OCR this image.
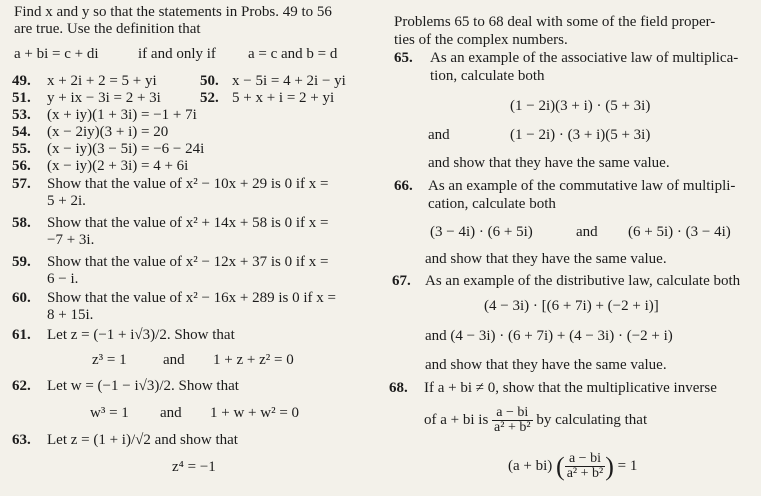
Find x and y so that the statements in Probs. 49 to 56
are true. Use the definition that
a + bi = c + di	if and only if a = c and b = d
49. x + 2i + 2 = 5 + yi	50. x − 5i = 4 + 2i − yi
51. y + ix − 3i = 2 + 3i	52. 5 + x + i = 2 + yi
53. (x + iy)(1 + 3i) = −1 + 7i
54. (x − 2iy)(3 + i) = 20
55. (x − iy)(3 − 5i) = −6 − 24i
56. (x − iy)(2 + 3i) = 4 + 6i
57. Show that the value of x² − 10x + 29 is 0 if x =
5 + 2i.
58. Show that the value of x² + 14x + 58 is 0 if x =
−7 + 3i.
59. Show that the value of x² − 12x + 37 is 0 if x =
6 − i.
60. Show that the value of x² − 16x + 289 is 0 if x =
8 + 15i.
61. Let z = (−1 + i√3)/2. Show that
z³ = 1 and 1 + z + z² = 0
62. Let w = (−1 − i√3)/2. Show that
w³ = 1 and 1 + w + w² = 0
63. Let z = (1 + i)/√2 and show that
z⁴ = −1
Problems 65 to 68 deal with some of the field proper-
ties of the complex numbers.
65. As an example of the associative law of multiplica-
tion, calculate both
(1 − 2i)(3 + i) · (5 + 3i)
and	(1 − 2i) · (3 + i)(5 + 3i)
and show that they have the same value.
66. As an example of the commutative law of multipli-
cation, calculate both
(3 − 4i) · (6 + 5i)	and (6 + 5i) · (3 − 4i)
and show that they have the same value.
67. As an example of the distributive law, calculate both
(4 − 3i) · [(6 + 7i) + (−2 + i)]
and (4 − 3i) · (6 + 7i) + (4 − 3i) · (−2 + i)
and show that they have the same value.
68. If a + bi ≠ 0, show that the multiplicative inverse
of a + bi is $\frac{a - bi}{\text{a² + b²}}$ by calculating that
(a + bi) ( $\frac{a - bi}{\text{a² + b²}}$ ) = 1
